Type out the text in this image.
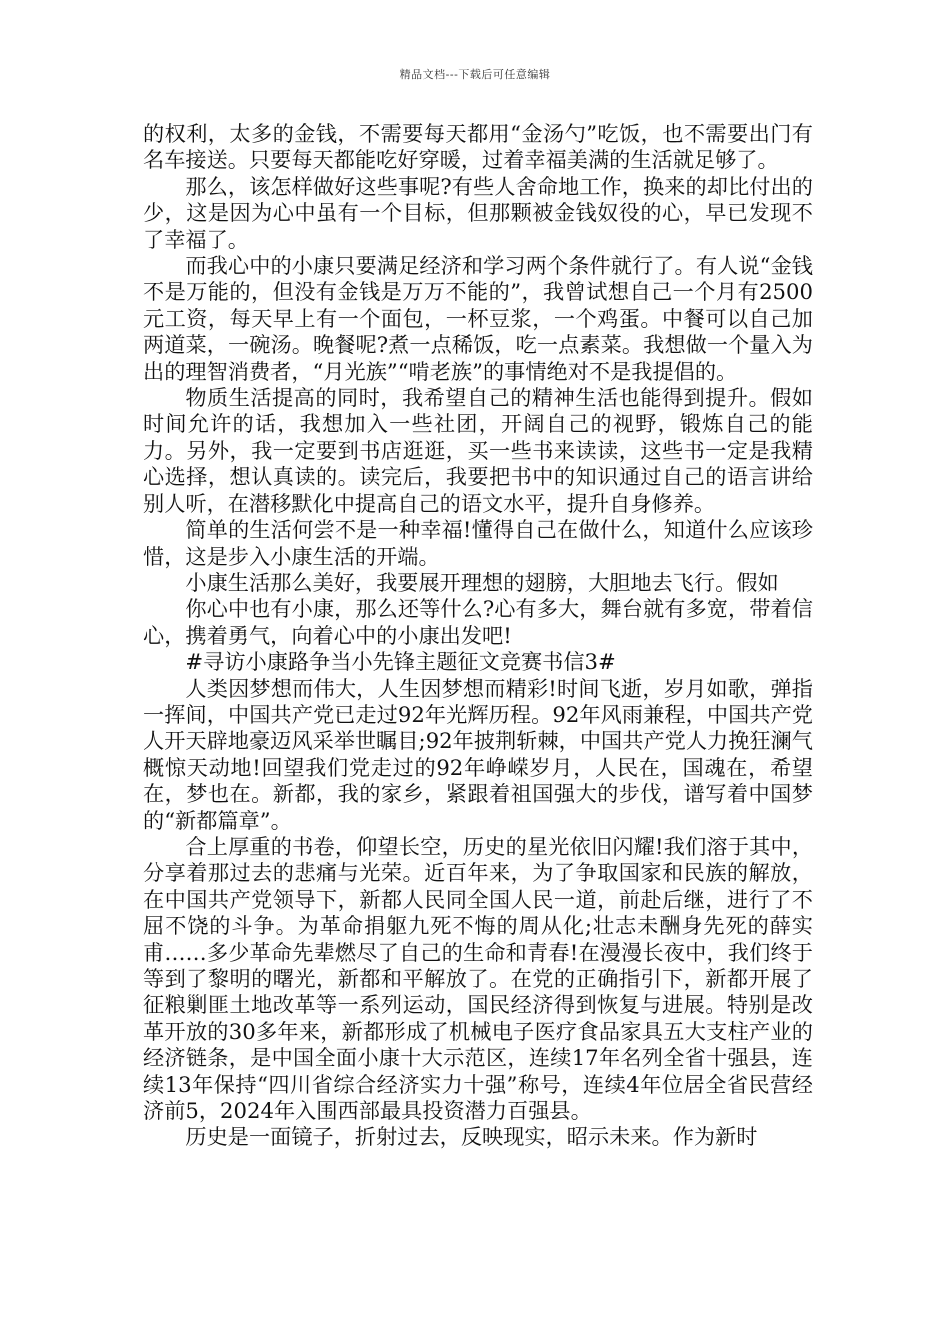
精品文档---下载后可任意编辑

的权利，太多的金钱，不需要每天都用“金汤勺”吃饭，也不需要出门有名车接送。只要每天都能吃好穿暖，过着幸福美满的生活就足够了。

那么，该怎样做好这些事呢?有些人舍命地工作，换来的却比付出的少，这是因为心中虽有一个目标，但那颗被金钱奴役的心，早已发现不了幸福了。

而我心中的小康只要满足经济和学习两个条件就行了。有人说“金钱不是万能的，但没有金钱是万万不能的”，我曾试想自己一个月有2500元工资，每天早上有一个面包，一杯豆浆，一个鸡蛋。中餐可以自己加两道菜，一碗汤。晚餐呢?煮一点稀饭，吃一点素菜。我想做一个量入为出的理智消费者，“月光族”“啃老族”的事情绝对不是我提倡的。

物质生活提高的同时，我希望自己的精神生活也能得到提升。假如时间允许的话，我想加入一些社团，开阔自己的视野，锻炼自己的能力。另外，我一定要到书店逛逛，买一些书来读读，这些书一定是我精心选择，想认真读的。读完后，我要把书中的知识通过自己的语言讲给别人听，在潜移默化中提高自己的语文水平，提升自身修养。

简单的生活何尝不是一种幸福!懂得自己在做什么，知道什么应该珍惜，这是步入小康生活的开端。

小康生活那么美好，我要展开理想的翅膀，大胆地去飞行。假如

你心中也有小康，那么还等什么?心有多大，舞台就有多宽，带着信心，携着勇气，向着心中的小康出发吧!

#寻访小康路争当小先锋主题征文竞赛书信3#

人类因梦想而伟大，人生因梦想而精彩!时间飞逝，岁月如歌，弹指一挥间，中国共产党已走过92年光辉历程。92年风雨兼程，中国共产党人开天辟地豪迈风采举世瞩目;92年披荆斩棘，中国共产党人力挽狂澜气概惊天动地!回望我们党走过的92年峥嵘岁月，人民在，国魂在，希望在，梦也在。新都，我的家乡，紧跟着祖国强大的步伐，谱写着中国梦的“新都篇章”。

合上厚重的书卷，仰望长空，历史的星光依旧闪耀!我们溶于其中，分享着那过去的悲痛与光荣。近百年来，为了争取国家和民族的解放，在中国共产党领导下，新都人民同全国人民一道，前赴后继，进行了不屈不饶的斗争。为革命捐躯九死不悔的周从化;壮志未酬身先死的薛实甫……多少革命先辈燃尽了自己的生命和青春!在漫漫长夜中，我们终于等到了黎明的曙光，新都和平解放了。在党的正确指引下，新都开展了征粮剿匪土地改革等一系列运动，国民经济得到恢复与进展。特别是改革开放的30多年来，新都形成了机械电子医疗食品家具五大支柱产业的经济链条，是中国全面小康十大示范区，连续17年名列全省十强县，连续13年保持“四川省综合经济实力十强”称号，连续4年位居全省民营经济前5，2024年入围西部最具投资潜力百强县。

历史是一面镜子，折射过去，反映现实，昭示未来。作为新时
